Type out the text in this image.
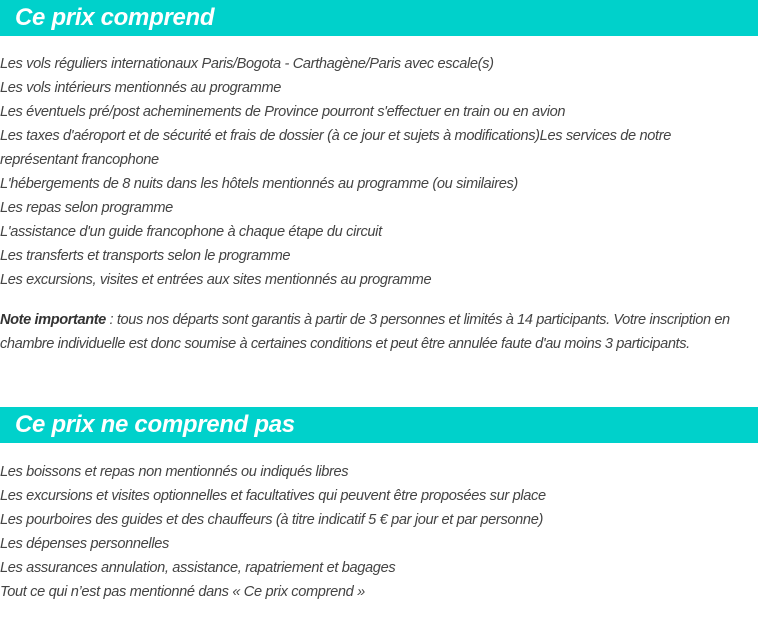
Ce prix comprend
Les vols réguliers internationaux Paris/Bogota - Carthagène/Paris avec escale(s)
Les vols intérieurs mentionnés au programme
Les éventuels pré/post acheminements de Province pourront s'effectuer en train ou en avion
Les taxes d'aéroport et de sécurité et frais de dossier (à ce jour et sujets à modifications)Les services de notre représentant francophone
L'hébergements de 8 nuits dans les hôtels mentionnés au programme (ou similaires)
Les repas selon programme
L'assistance d'un guide francophone à chaque étape du circuit
Les transferts et transports selon le programme
Les excursions, visites et entrées aux sites mentionnés au programme

Note importante : tous nos départs sont garantis à partir de 3 personnes et limités à 14 participants. Votre inscription en chambre individuelle est donc soumise à certaines conditions et peut être annulée faute d'au moins 3 participants.

Ce prix ne comprend pas
Les boissons et repas non mentionnés ou indiqués libres
Les excursions et visites optionnelles et facultatives qui peuvent être proposées sur place
Les pourboires des guides et des chauffeurs (à titre indicatif 5 € par jour et par personne)
Les dépenses personnelles
Les assurances annulation, assistance, rapatriement et bagages
Tout ce qui n’est pas mentionné dans « Ce prix comprend »
